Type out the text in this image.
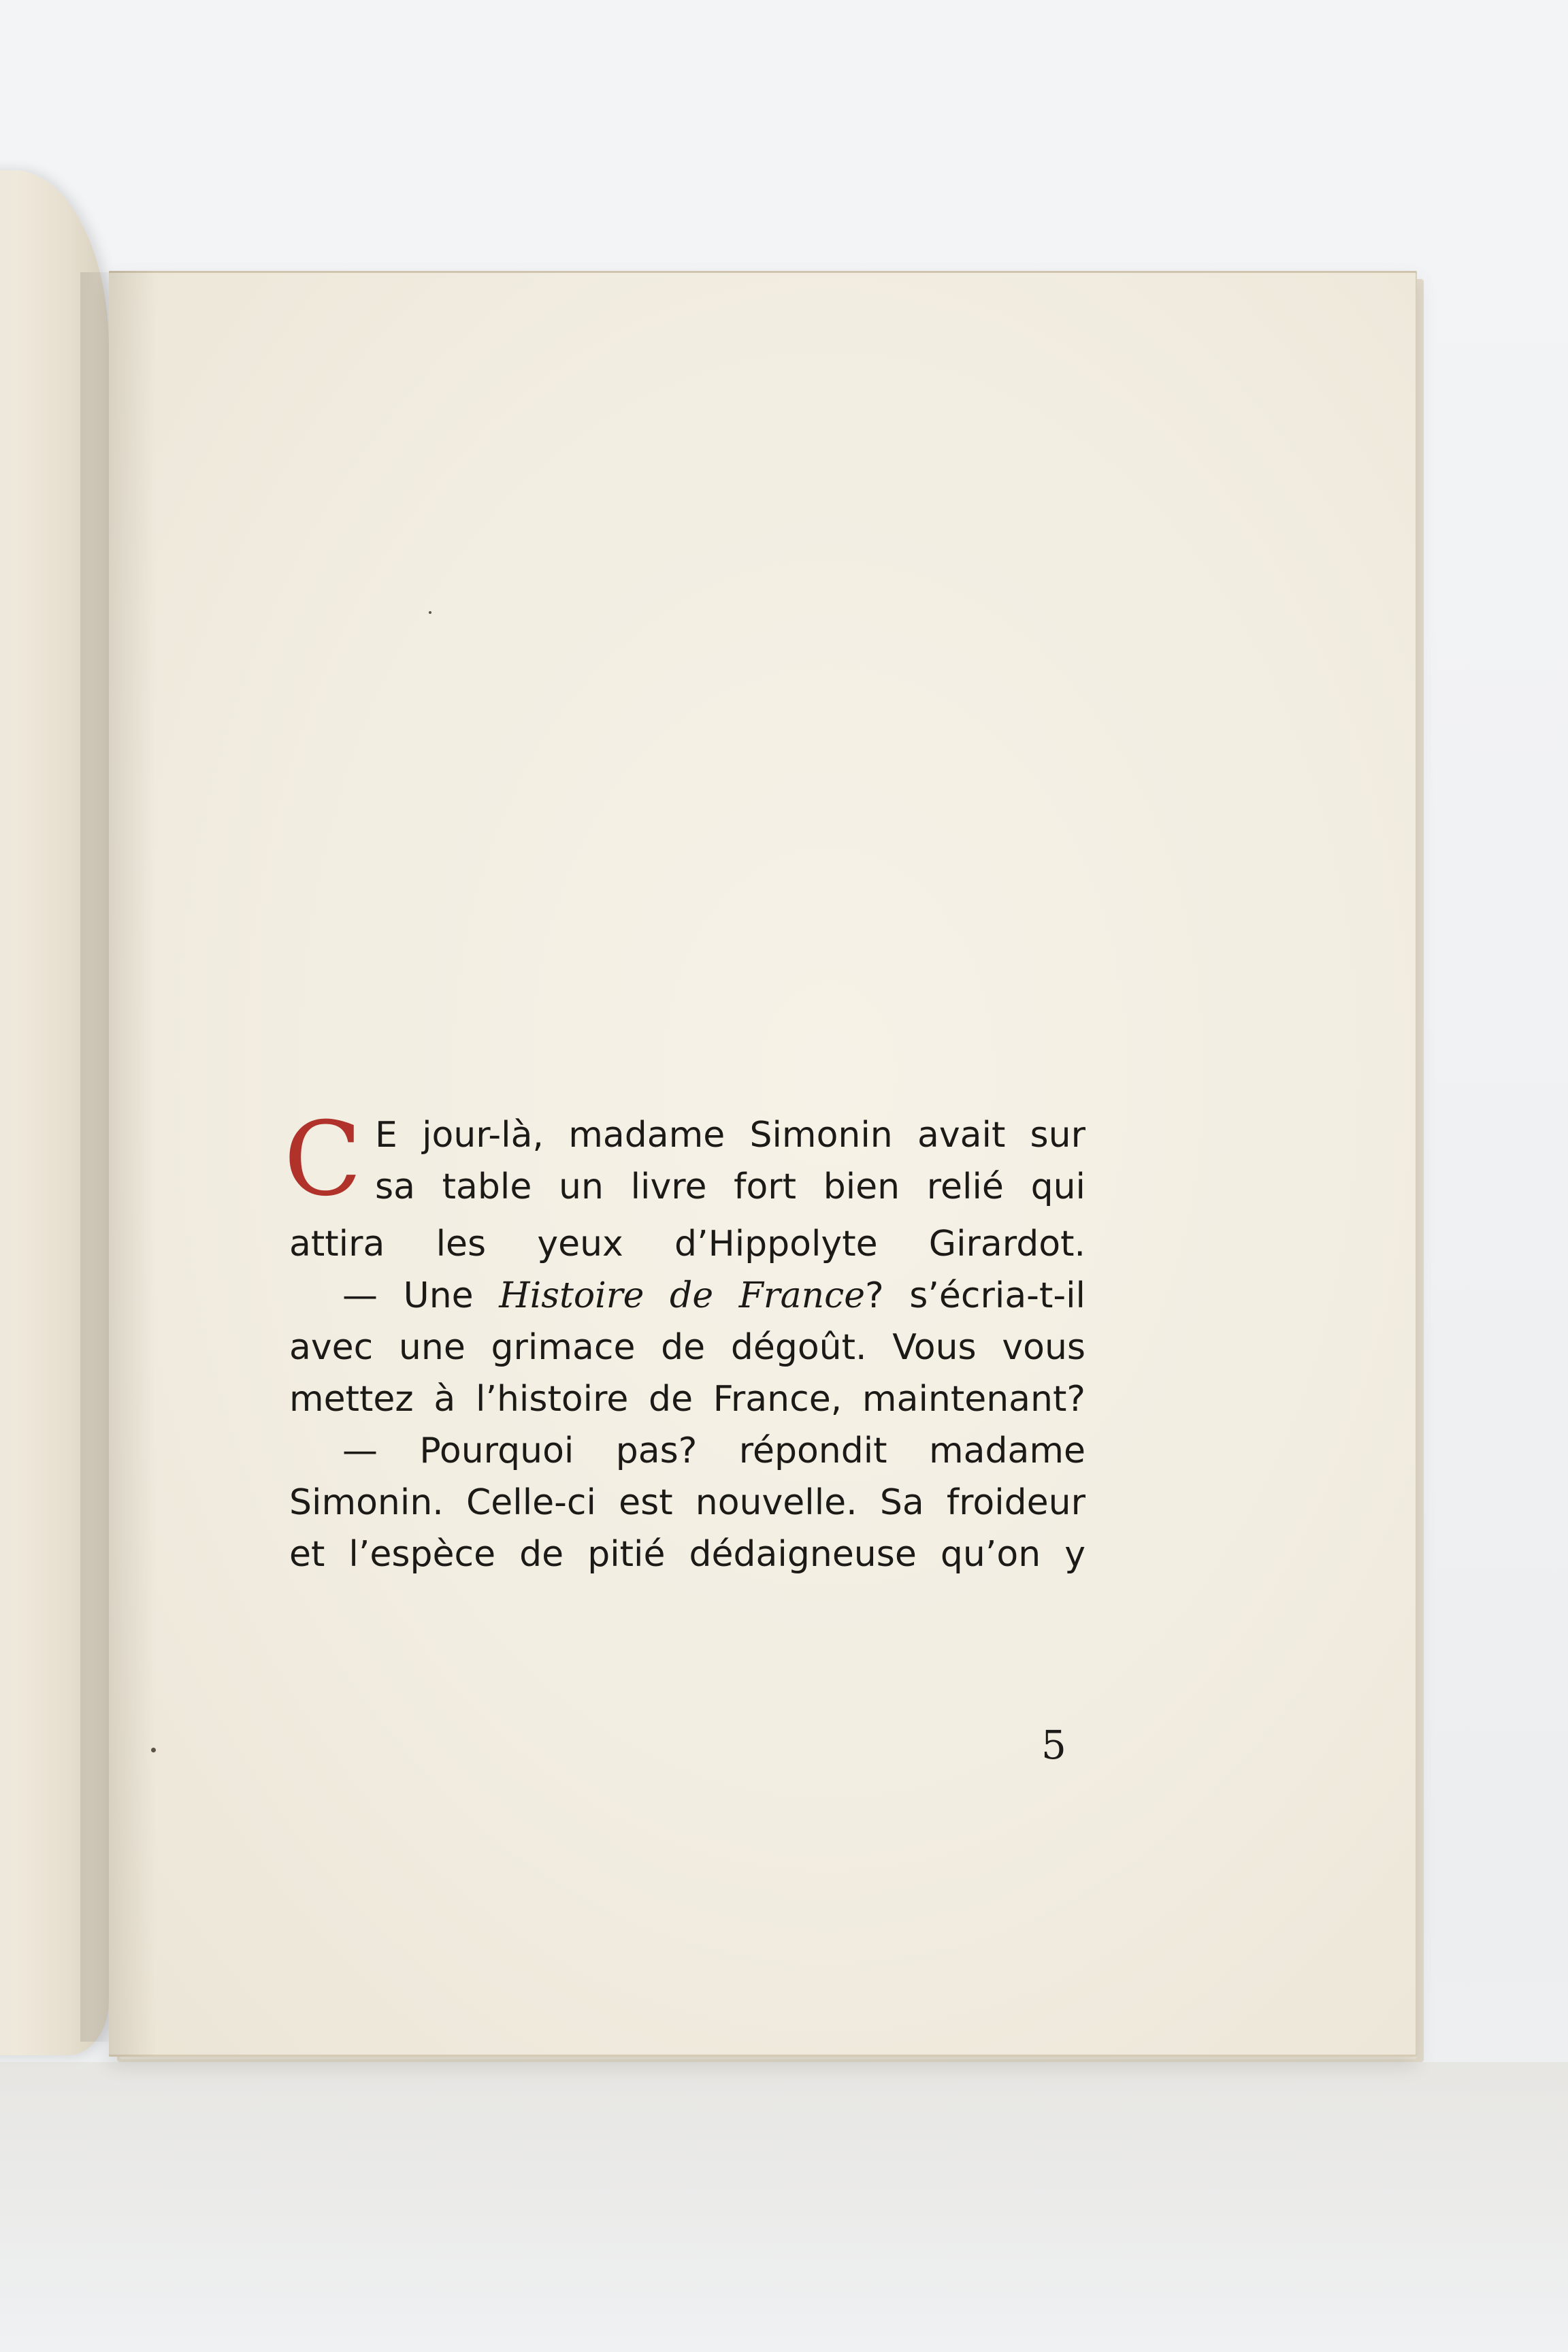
C E jour-là, madame Simonin avait sur
sa table un livre fort bien relié qui
attira les yeux d’Hippolyte Girardot.
— Une Histoire de France? s’écria-t-il
avec une grimace de dégoût. Vous vous
mettez à l’histoire de France, maintenant?
— Pourquoi pas? répondit madame
Simonin. Celle-ci est nouvelle. Sa froideur
et l’espèce de pitié dédaigneuse qu’on y
5
